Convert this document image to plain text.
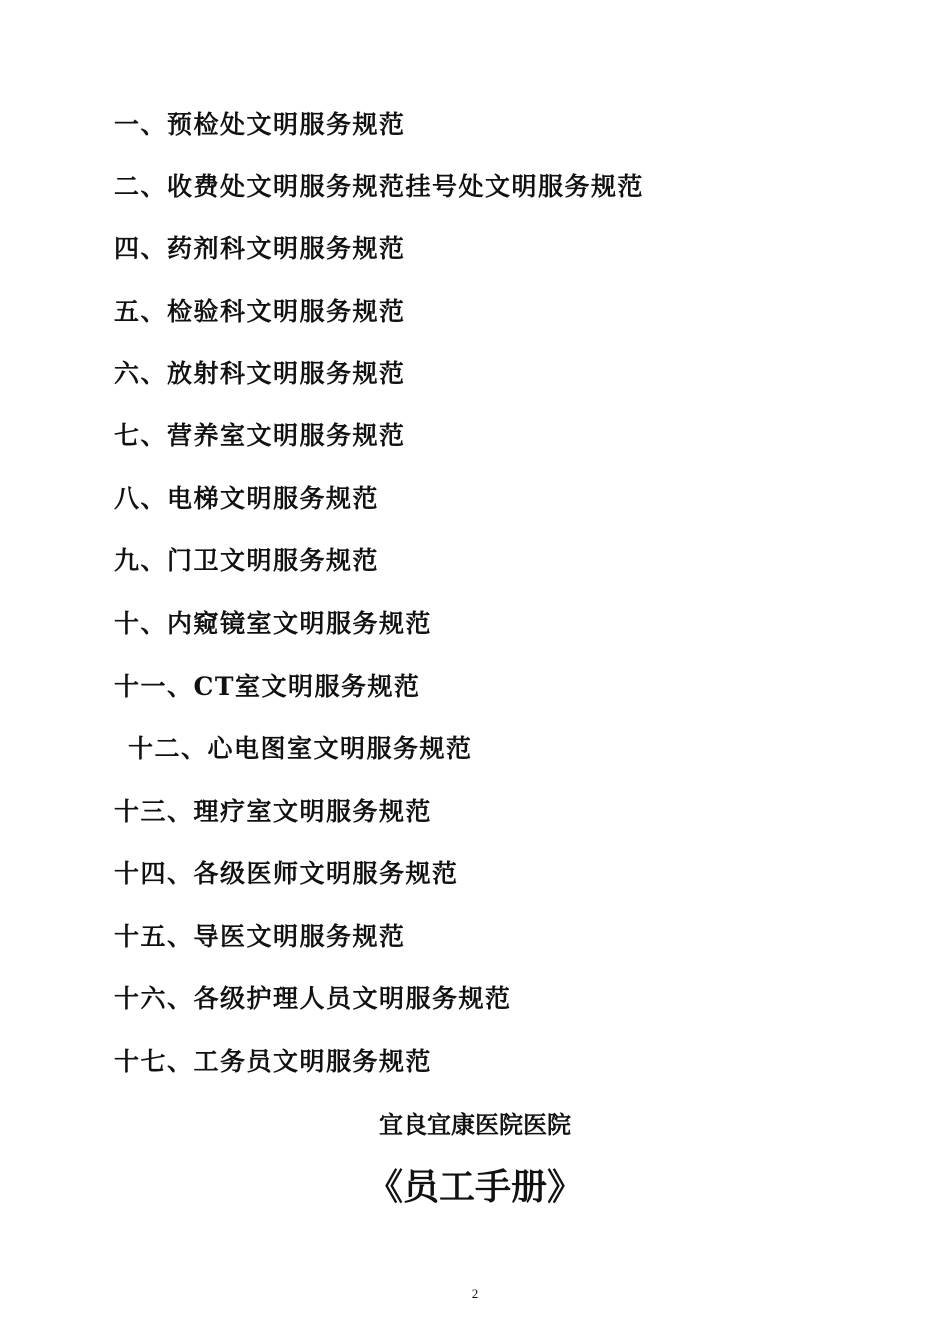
一、预检处文明服务规范
二、收费处文明服务规范挂号处文明服务规范
四、药剂科文明服务规范
五、检验科文明服务规范
六、放射科文明服务规范
七、营养室文明服务规范
八、电梯文明服务规范
九、门卫文明服务规范
十、内窥镜室文明服务规范
十一、CT室文明服务规范
十二、心电图室文明服务规范
十三、理疗室文明服务规范
十四、各级医师文明服务规范
十五、导医文明服务规范
十六、各级护理人员文明服务规范
十七、工务员文明服务规范
宜良宜康医院医院
《员工手册》
2
